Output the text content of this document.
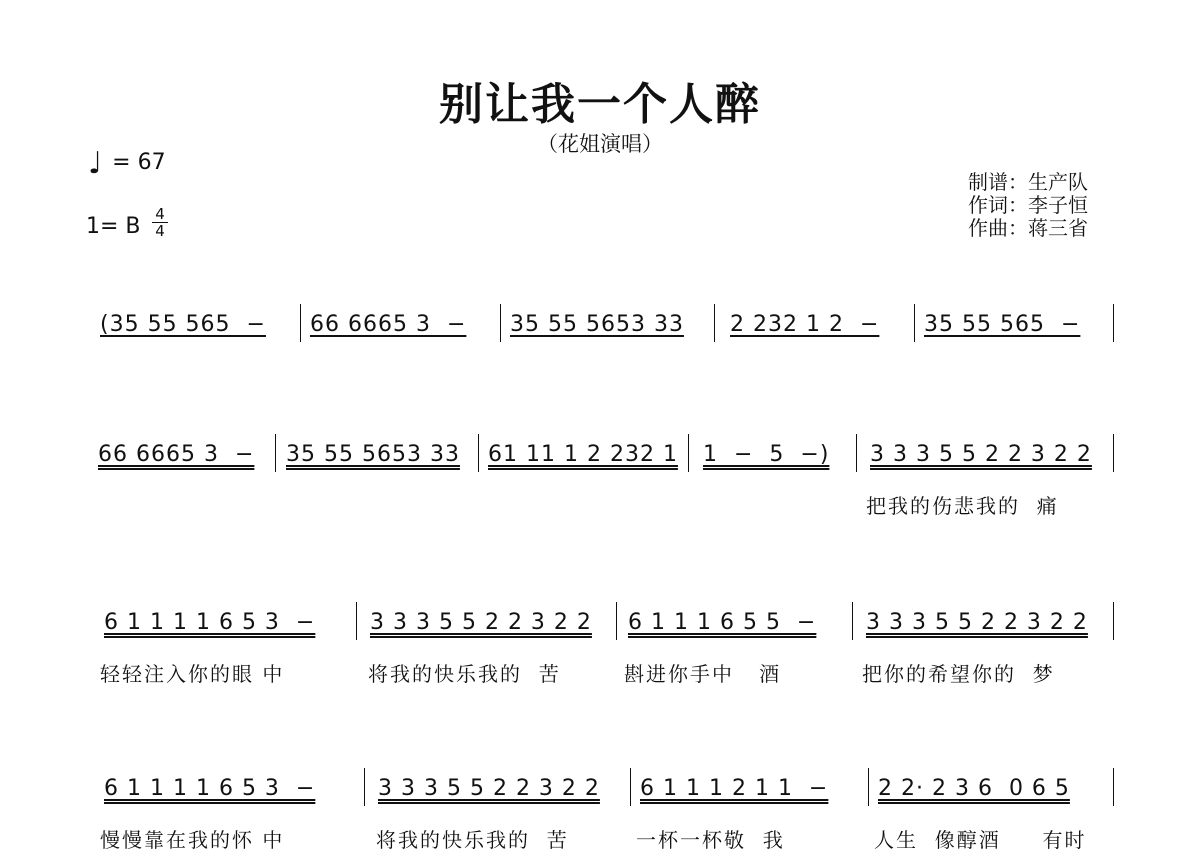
别让我一个人醉
（花姐演唱）
♩ = 67
1= B 4
4
制谱：生产队
作词：李子恒
作曲：蒋三省
(35 55 565  − 66 6665 3  − 35 55 5653 33 2 232 1 2  − 35 55 565  −
66 6665 3  − 35 55 5653 33 61 11 1 2 232 1 1  −  5  −) 3 3 3 5 5 2 2 3 2 2
把我的伤悲我的  痛
6 1 1 1 1 6 5 3  − 3 3 3 5 5 2 2 3 2 2 6 1 1 1 6 5 5  − 3 3 3 5 5 2 2 3 2 2
轻轻注入你的眼 中	将我的快乐我的  苦	斟进你手中   酒	把你的希望你的  梦
6 1 1 1 1 6 5 3  −	3 3 3 5 5 2 2 3 2 2 6 1 1 1 2 1 1  − 2 2· 2 3 6  0 6 5
慢慢靠在我的怀 中	将我的快乐我的  苦	一杯一杯敬  我	人生  像醇酒     有时
